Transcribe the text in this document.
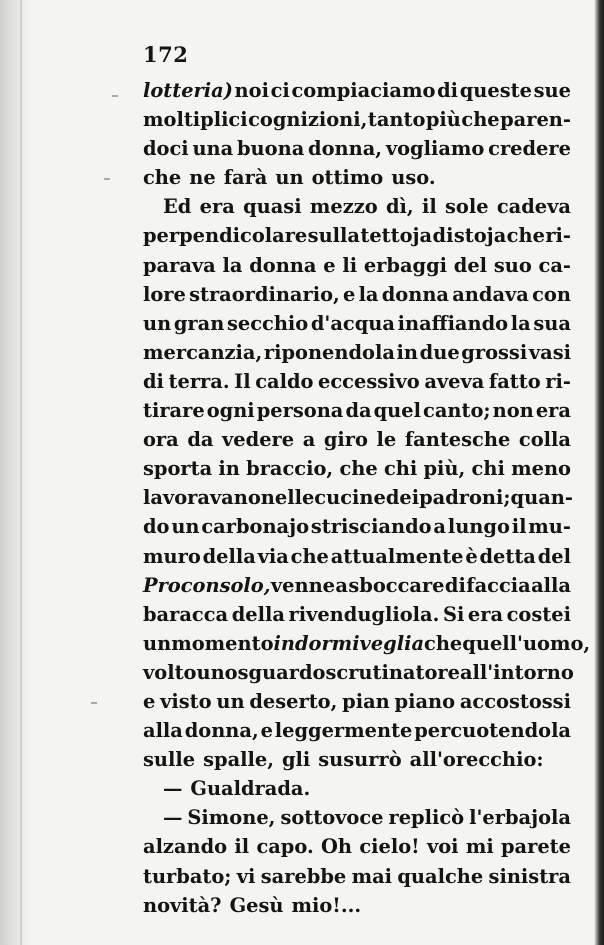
172
lotteria) noi ci compiaciamo di queste sue
moltiplici cognizioni, tanto più che paren-
doci una buona donna, vogliamo credere
che ne farà un ottimo uso.
Ed era quasi mezzo dì, il sole cadeva
perpendicolare sulla tettoja di stoja che ri-
parava la donna e li erbaggi del suo ca-
lore straordinario, e la donna andava con
un gran secchio d'acqua inaffiando la sua
mercanzia, riponendola in due grossi vasi
di terra. Il caldo eccessivo aveva fatto ri-
tirare ogni persona da quel canto; non era
ora da vedere a giro le fantesche colla
sporta in braccio, che chi più, chi meno
lavoravano nelle cucine dei padroni; quan-
do un carbonajo strisciando a lungo il mu-
muro della via che attualmente è detta del
Proconsolo, venne a sboccare di faccia alla
baracca della rivendugliola. Si era costei
un momento in dormiveglia che quell'uomo,
volto uno sguardo scrutinatore all'intorno
e visto un deserto, pian piano accostossi
alla donna, e leggermente percuotendola
sulle spalle, gli susurrò all'orecchio:
— Gualdrada.
— Simone, sottovoce replicò l'erbajola
alzando il capo. Oh cielo! voi mi parete
turbato; vi sarebbe mai qualche sinistra
novità? Gesù mio!...
